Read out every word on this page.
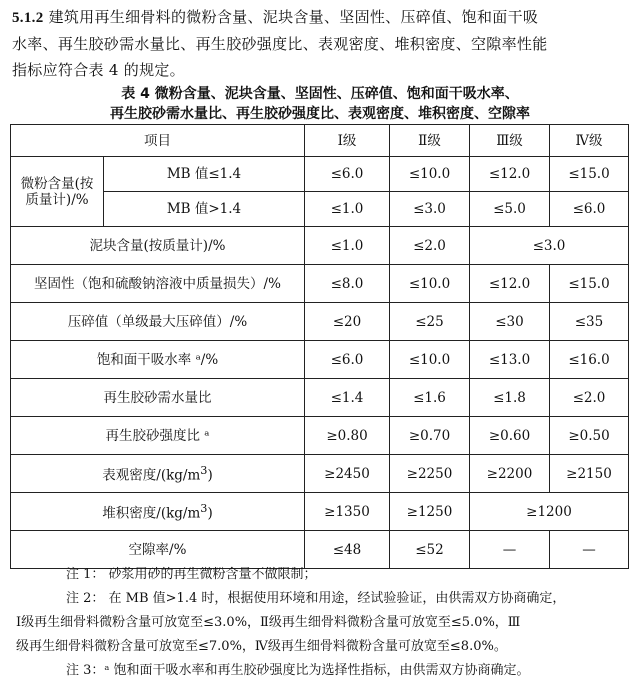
5.1.2 建筑用再生细骨料的微粉含量、泥块含量、坚固性、压碎值、饱和面干吸
水率、再生胶砂需水量比、再生胶砂强度比、表观密度、堆积密度、空隙率性能
指标应符合表 4 的规定。
表 4 微粉含量、泥块含量、坚固性、压碎值、饱和面干吸水率、
再生胶砂需水量比、再生胶砂强度比、表观密度、堆积密度、空隙率
项目		Ⅰ级	Ⅱ级	Ⅲ级	Ⅳ级
微粉含量(按
质量计)/%	MB 值≤1.4	≤6.0	≤10.0	≤12.0	≤15.0
	MB 值>1.4	≤1.0	≤3.0	≤5.0	≤6.0
泥块含量(按质量计)/%		≤1.0	≤2.0	≤3.0	
坚固性（饱和硫酸钠溶液中质量损失）/%		≤8.0	≤10.0	≤12.0	≤15.0
压碎值（单级最大压碎值）/%		≤20	≤25	≤30	≤35
饱和面干吸水率 ᵃ/%		≤6.0	≤10.0	≤13.0	≤16.0
再生胶砂需水量比		≤1.4	≤1.6	≤1.8	≤2.0
再生胶砂强度比 ᵃ		≥0.80	≥0.70	≥0.60	≥0.50
表观密度$/(kg/m^3)$		≥2450	≥2250	≥2200	≥2150
堆积密度$/(kg/m^3)$		≥1350	≥1250	≥1200	
空隙率/%		≤48	≤52	—	—

注 1： 砂浆用砂的再生微粉含量不做限制；

注 2： 在 MB 值>1.4 时，根据使用环境和用途，经试验验证，由供需双方协商确定，

Ⅰ级再生细骨料微粉含量可放宽至≤3.0%，Ⅱ级再生细骨料微粉含量可放宽至≤5.0%，Ⅲ

级再生细骨料微粉含量可放宽至≤7.0%，Ⅳ级再生细骨料微粉含量可放宽至≤8.0%。

注 3：ᵃ 饱和面干吸水率和再生胶砂强度比为选择性指标，由供需双方协商确定。
